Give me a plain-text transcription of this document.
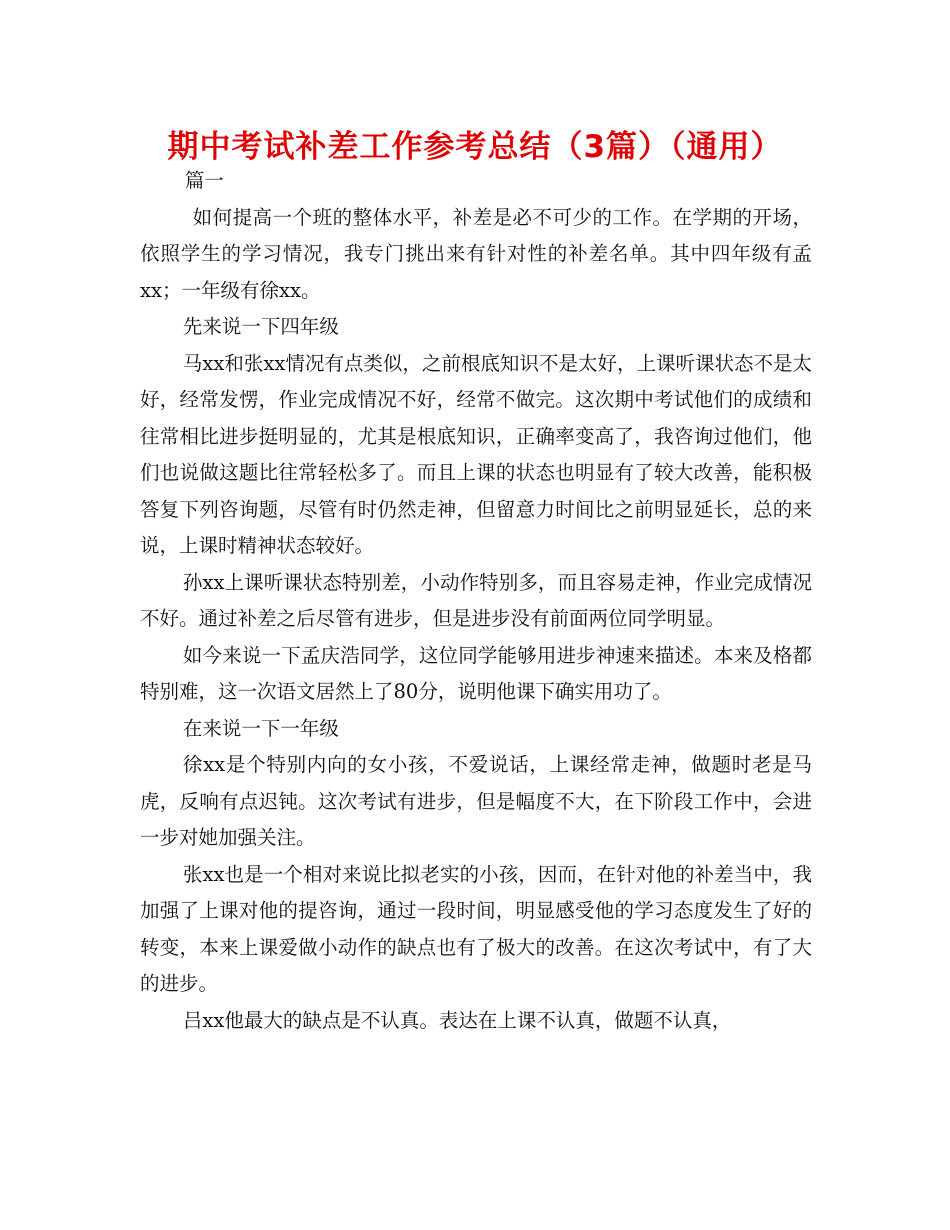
期中考试补差工作参考总结（3篇）（通用）

篇一

如何提高一个班的整体水平，补差是必不可少的工作。在学期的开场，依照学生的学习情况，我专门挑出来有针对性的补差名单。其中四年级有孟xx；一年级有徐xx。

先来说一下四年级

马xx和张xx情况有点类似，之前根底知识不是太好，上课听课状态不是太好，经常发愣，作业完成情况不好，经常不做完。这次期中考试他们的成绩和往常相比进步挺明显的，尤其是根底知识，正确率变高了，我咨询过他们，他们也说做这题比往常轻松多了。而且上课的状态也明显有了较大改善，能积极答复下列咨询题，尽管有时仍然走神，但留意力时间比之前明显延长，总的来说，上课时精神状态较好。

孙xx上课听课状态特别差，小动作特别多，而且容易走神，作业完成情况不好。通过补差之后尽管有进步，但是进步没有前面两位同学明显。

如今来说一下孟庆浩同学，这位同学能够用进步神速来描述。本来及格都特别难，这一次语文居然上了80分，说明他课下确实用功了。

在来说一下一年级

徐xx是个特别内向的女小孩，不爱说话，上课经常走神，做题时老是马虎，反响有点迟钝。这次考试有进步，但是幅度不大，在下阶段工作中，会进一步对她加强关注。

张xx也是一个相对来说比拟老实的小孩，因而，在针对他的补差当中，我加强了上课对他的提咨询，通过一段时间，明显感受他的学习态度发生了好的转变，本来上课爱做小动作的缺点也有了极大的改善。在这次考试中，有了大的进步。

吕xx他最大的缺点是不认真。表达在上课不认真，做题不认真，
